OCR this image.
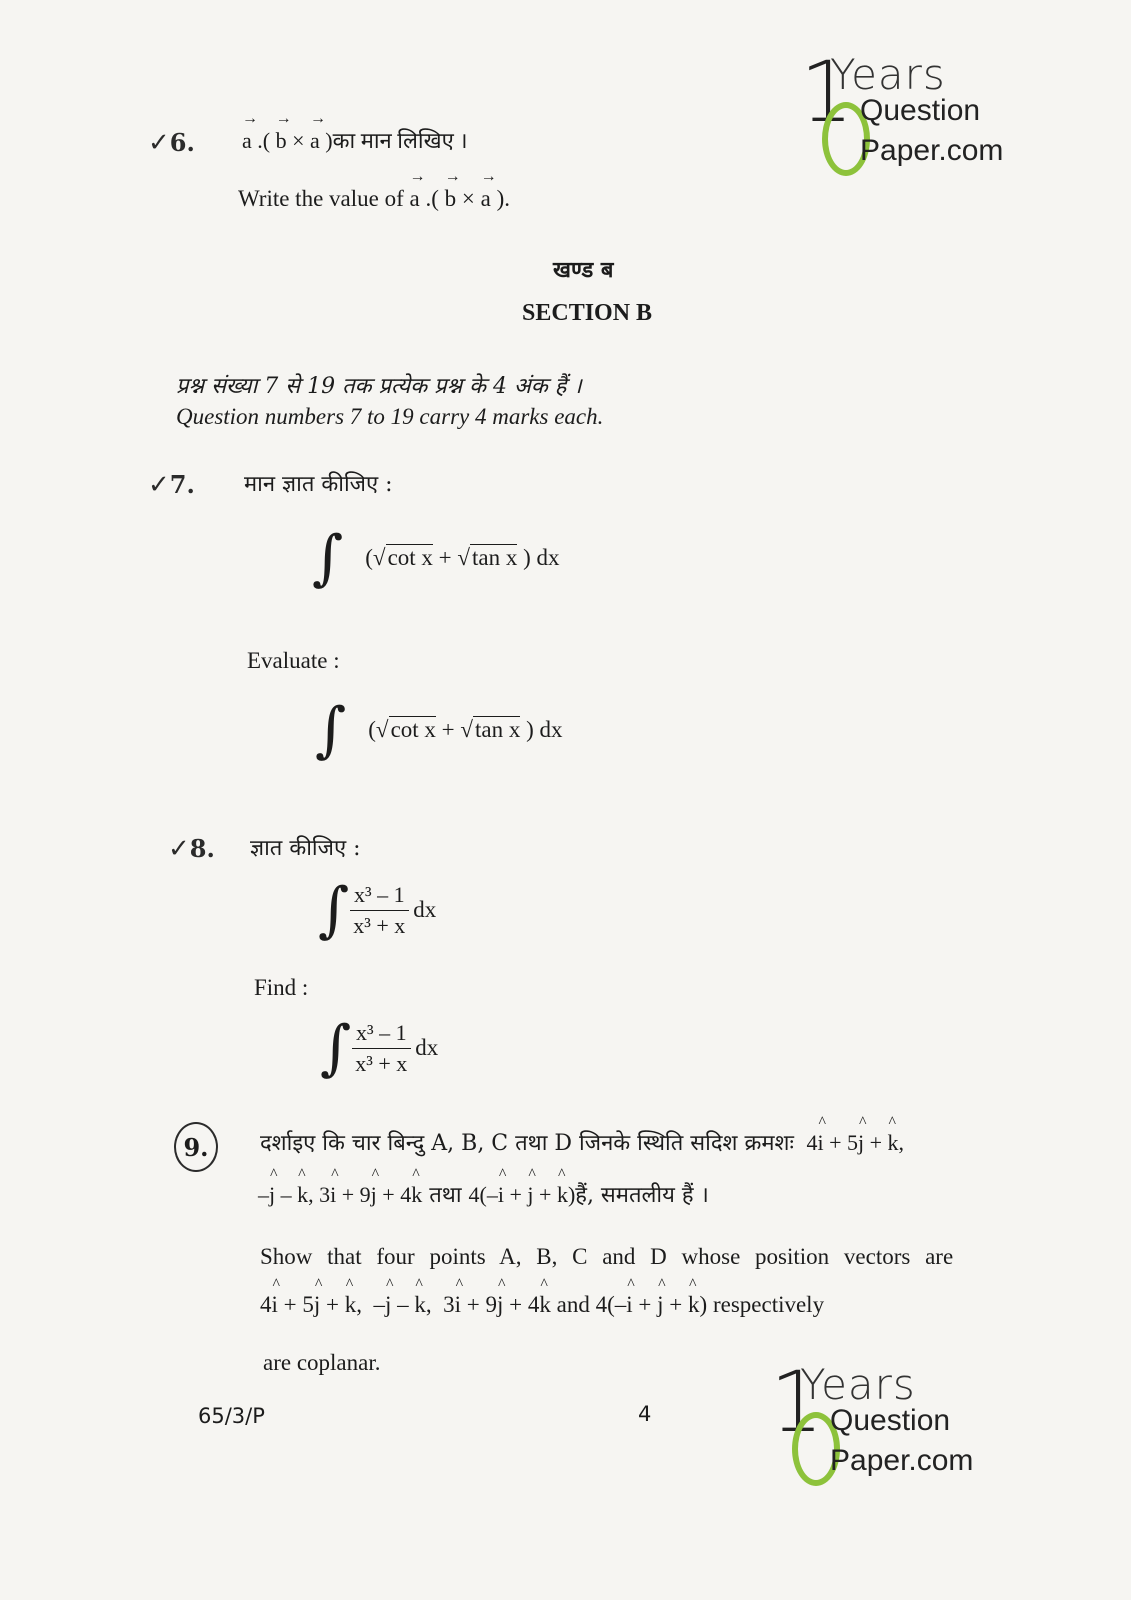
1
Years
Question
Paper.com
✓6. → a .( → b × → a )का मान लिखिए ।
Write the value of → a .( → b × → a ).
खण्ड ब
SECTION B
प्रश्न संख्या 7 से 19 तक प्रत्येक प्रश्न के 4 अंक हैं ।
Question numbers 7 to 19 carry 4 marks each.
✓7. मान ज्ञात कीजिए :
∫ (√cot x + √tan x ) dx
Evaluate :
∫ (√cot x + √tan x ) dx
✓8. ज्ञात कीजिए :
∫ $\frac{\text{x³ – 1}}{\text{x³ + x}}$ dx
Find :
∫ $\frac{\text{x³ – 1}}{\text{x³ + x}}$ dx
9. दर्शाइए कि चार बिन्दु A, B, C तथा D जिनके स्थिति सदिश क्रमशः  4^ i + 5^ j + ^ k,
–^ j – ^ k, 3^ i + 9^ j + 4^ k तथा 4(–^ i + ^ j + ^ k)हैं, समतलीय हैं ।
Show that four points A, B, C and D whose position vectors are
4^ i + 5^ j + ^ k,  –^ j – ^ k,  3^ i + 9^ j + 4^ k and 4(–^ i + ^ j + ^ k) respectively
are coplanar.
65/3/P	4 1
Years
Question
Paper.com
